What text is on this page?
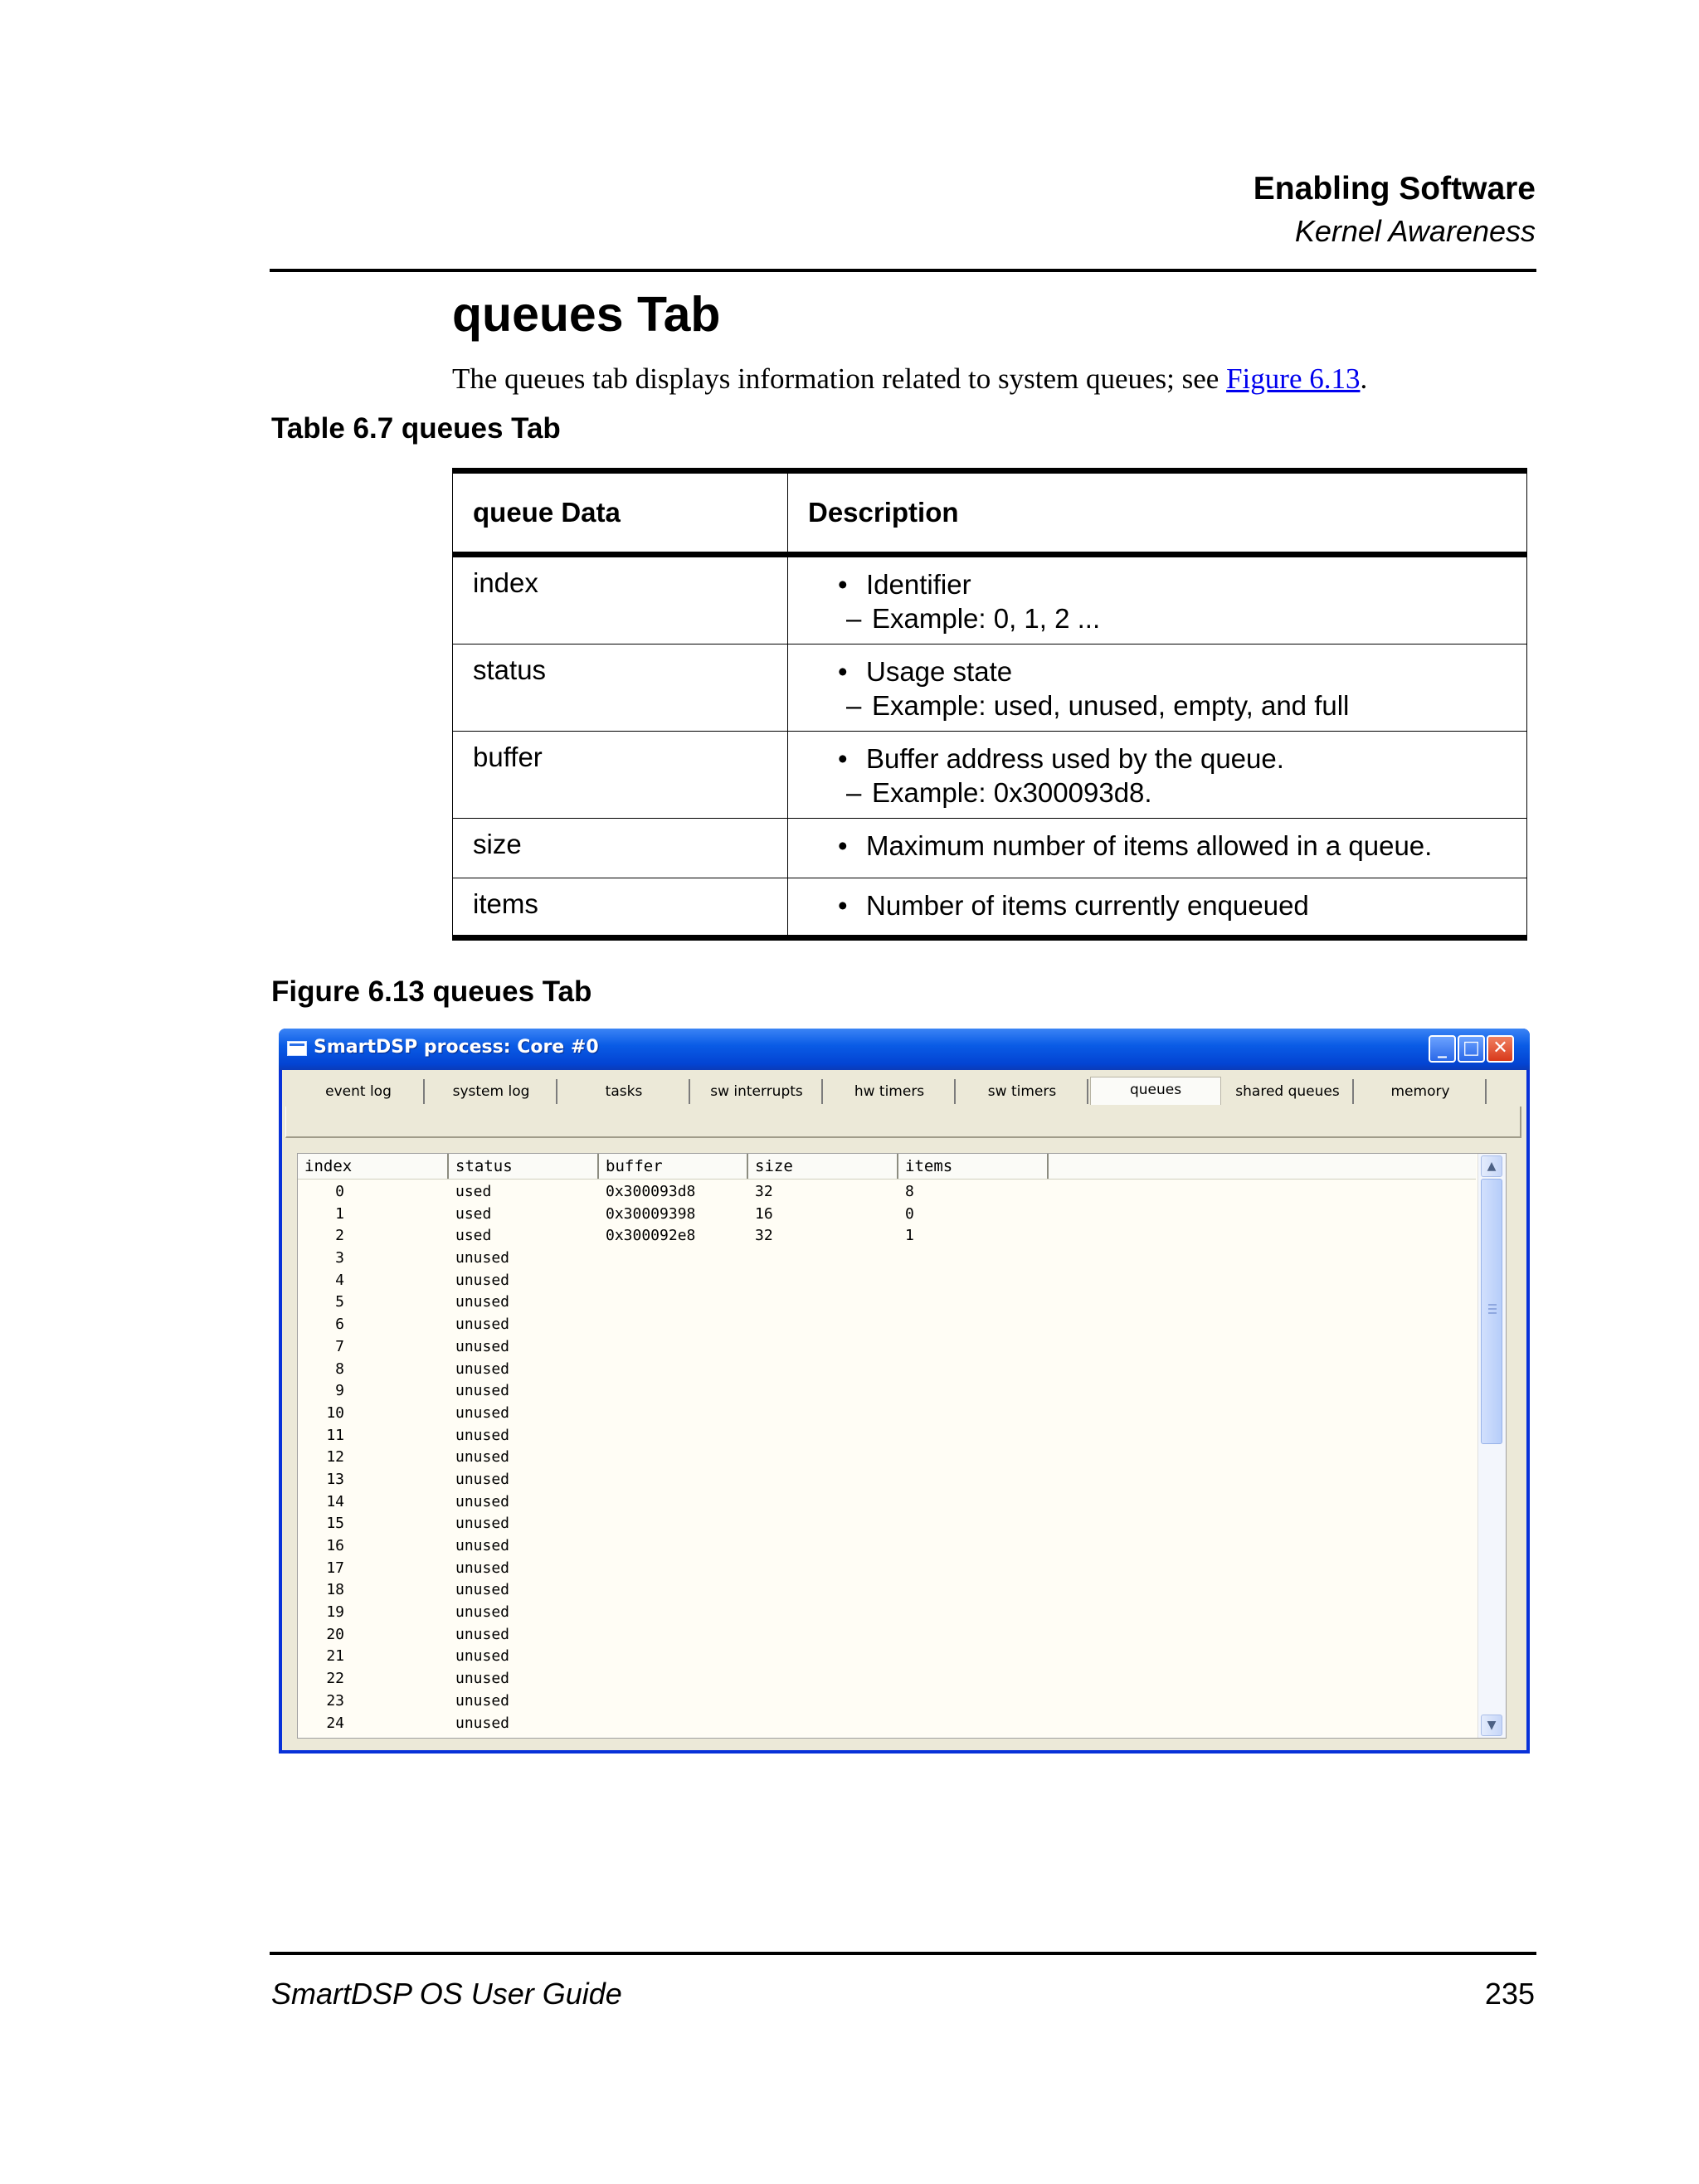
Enabling Software
Kernel Awareness
queues Tab
The queues tab displays information related to system queues; see Figure 6.13.
Table 6.7 queues Tab
queue Data	Description
index	• Identifier
– Example: 0, 1, 2 ...

status	• Usage state
– Example: used, unused, empty, and full

buffer	• Buffer address used by the queue.
– Example: 0x300093d8.

size	• Maximum number of items allowed in a queue.

items	• Number of items currently enqueued
Figure 6.13 queues Tab
SmartDSP process: Core #0	_ □ ✕
event log	system log	tasks	sw interrupts	hw timers	sw timers	queues	shared queues	memory
index	status	buffer	size	items
0	used	0x300093d8	32	8
1	used	0x30009398	16	0
2	used	0x300092e8	32	1
3	unused
4	unused
5	unused
6	unused
7	unused
8	unused
9	unused
10	unused
11	unused
12	unused
13	unused
14	unused
15	unused
16	unused
17	unused
18	unused
19	unused
20	unused
21	unused
22	unused
23	unused
24	unused
▲
▼
SmartDSP OS User Guide	235
